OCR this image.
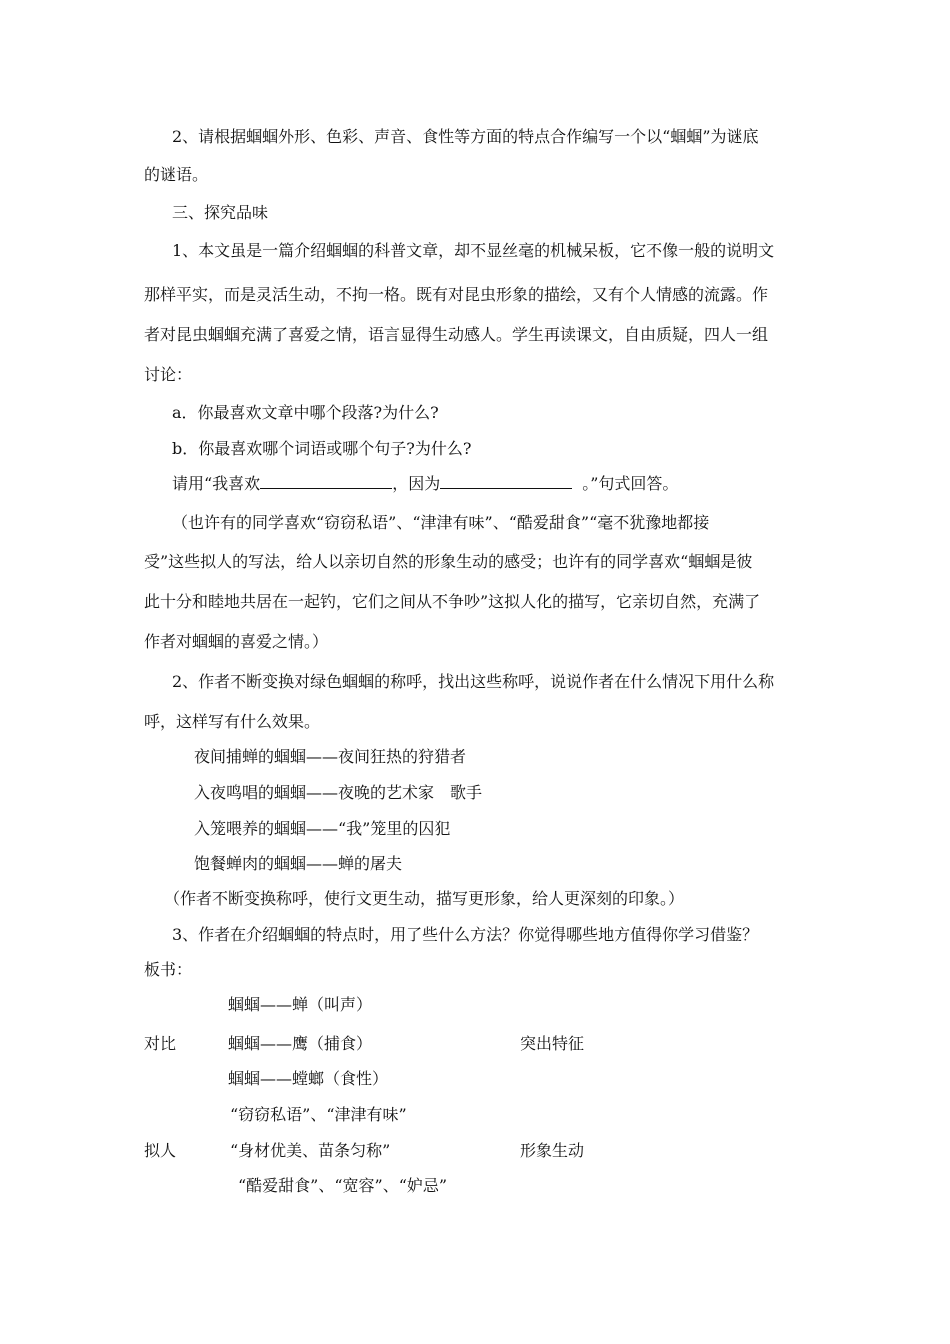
2、请根据蝈蝈外形、色彩、声音、食性等方面的特点合作编写一个以“蝈蝈”为谜底
的谜语。
三、探究品味
1、本文虽是一篇介绍蝈蝈的科普文章，却不显丝毫的机械呆板，它不像一般的说明文
那样平实，而是灵活生动，不拘一格。既有对昆虫形象的描绘，又有个人情感的流露。作
者对昆虫蝈蝈充满了喜爱之情，语言显得生动感人。学生再读课文，自由质疑，四人一组
讨论：
a．你最喜欢文章中哪个段落?为什么?
b．你最喜欢哪个词语或哪个句子?为什么?
请用“我喜欢	，因为	。”句式回答。
（也许有的同学喜欢“窃窃私语”、“津津有味”、“酷爱甜食”“毫不犹豫地都接
受”这些拟人的写法，给人以亲切自然的形象生动的感受；也许有的同学喜欢“蝈蝈是彼
此十分和睦地共居在一起钓，它们之间从不争吵”这拟人化的描写，它亲切自然，充满了
作者对蝈蝈的喜爱之情。）
2、作者不断变换对绿色蝈蝈的称呼，找出这些称呼，说说作者在什么情况下用什么称
呼，这样写有什么效果。
夜间捕蝉的蝈蝈——夜间狂热的狩猎者
入夜鸣唱的蝈蝈——夜晚的艺术家　歌手
入笼喂养的蝈蝈——“我”笼里的囚犯
饱餐蝉肉的蝈蝈——蝉的屠夫
（作者不断变换称呼，使行文更生动，描写更形象，给人更深刻的印象。）
3、作者在介绍蝈蝈的特点时，用了些什么方法？你觉得哪些地方值得你学习借鉴？
板书：
蝈蝈——蝉（叫声）
对比	蝈蝈——鹰（捕食）	突出特征
蝈蝈——螳螂（食性）
“窃窃私语”、“津津有味”
拟人	“身材优美、苗条匀称”	形象生动
“酷爱甜食”、“宽容”、“妒忌”
